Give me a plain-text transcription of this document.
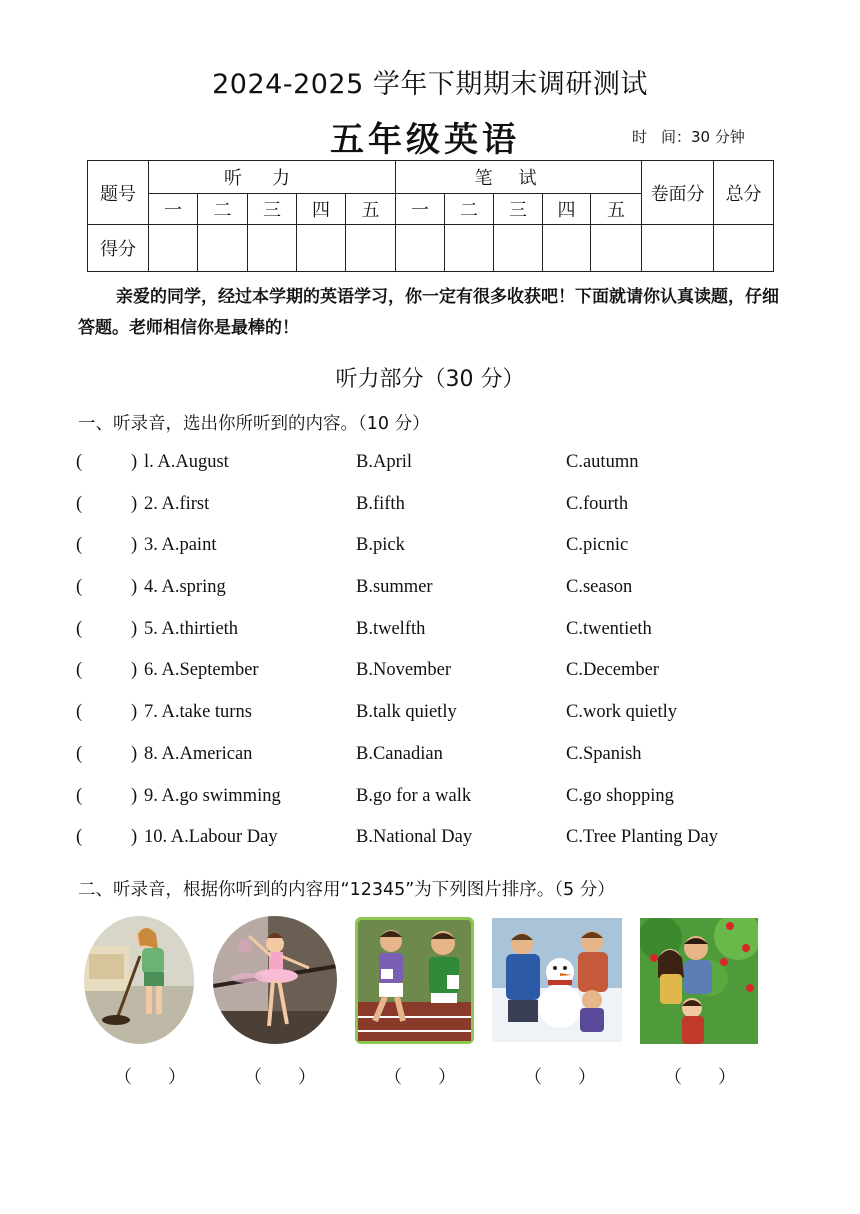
2024-2025 学年下期期末调研测试
五年级英语	时 间：30 分钟
题号	听力					笔试					卷面分	总分
	一	二	三	四	五	一	二	三	四	五		
得分												
亲爱的同学，经过本学期的英语学习，你一定有很多收获吧！下面就请你认真读题，仔细答题。老师相信你是最棒的！
听力部分（30 分）
一、听录音，选出你所听到的内容。（10 分）
(	) l. A.August	B.April	C.autumn
(	) 2. A.first	B.fifth	C.fourth
(	) 3. A.paint	B.pick	C.picnic
(	) 4. A.spring	B.summer	C.season
(	) 5. A.thirtieth	B.twelfth	C.twentieth
(	) 6. A.September	B.November	C.December
(	) 7. A.take turns	B.talk quietly	C.work quietly
(	) 8. A.American	B.Canadian	C.Spanish
(	) 9. A.go swimming	B.go for a walk	C.go shopping
(	) 10. A.Labour Day	B.National Day	C.Tree Planting Day
二、听录音，根据你听到的内容用“12345”为下列图片排序。（5 分）
（　　）	（　　）	（　　）	（　　）	（　　）
